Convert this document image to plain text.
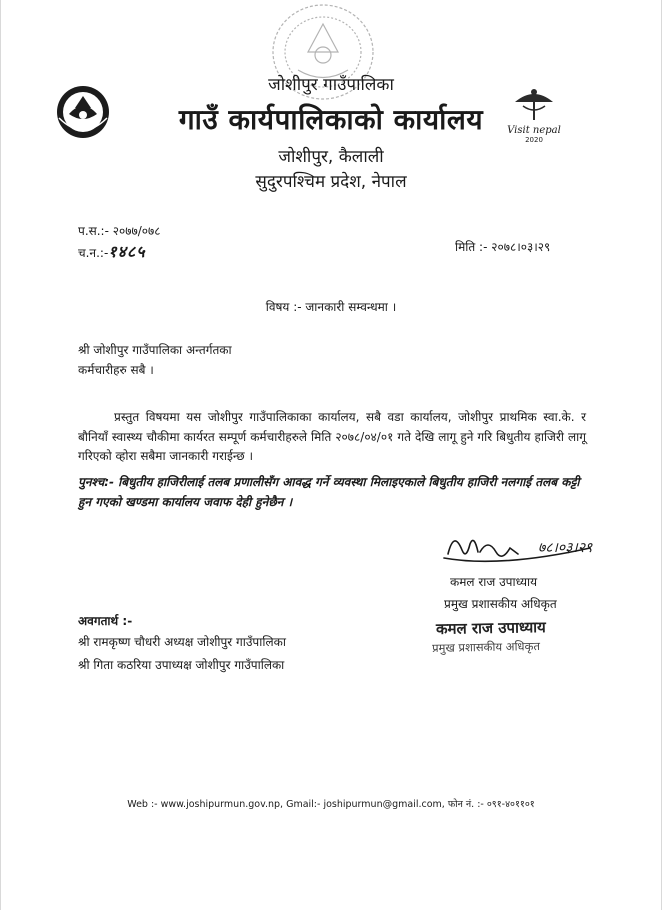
Visit nepal
2020
जोशीपुर गाउँपालिका
गाउँ कार्यपालिकाको कार्यालय
जोशीपुर, कैलाली
सुदुरपश्चिम प्रदेश, नेपाल
प.स.:- २०७७/०७८
च.न.:-१४८५	मिति :- २०७८।०३।२९
विषय :- जानकारी सम्वन्धमा ।
श्री जोशीपुर गाउँपालिका अन्तर्गतका
कर्मचारीहरु सबै ।
प्रस्तुत विषयमा यस जोशीपुर गाउँपालिकाका कार्यालय, सबै वडा कार्यालय, जोशीपुर प्राथमिक स्वा.के. र बौनियाँ स्वास्थ्य चौकीमा कार्यरत सम्पूर्ण कर्मचारीहरुले मिति २०७८/०४/०१ गते देखि लागू हुने गरि बिधुतीय हाजिरी लागू गरिएको व्होरा सबैमा जानकारी गराईन्छ ।
पुनश्च:- बिधुतीय हाजिरीलाई तलब प्रणालीसँग आवद्ध गर्ने व्यवस्था मिलाइएकाले बिधुतीय हाजिरी नलगाई तलब कट्टी हुन गएको खण्डमा कार्यालय जवाफ देही हुनेछैन ।
७८।०३।२९
कमल राज उपाध्याय
प्रमुख प्रशासकीय अधिकृत
कमल राज उपाध्याय
प्रमुख प्रशासकीय अधिकृत
अवगतार्थ :-
श्री रामकृष्ण चौधरी अध्यक्ष जोशीपुर गाउँपालिका
श्री गिता कठरिया उपाध्यक्ष जोशीपुर गाउँपालिका
Web :- www.joshipurmun.gov.np, Gmail:- joshipurmun@gmail.com, फोन नं. :- ०९१-४०११०१
